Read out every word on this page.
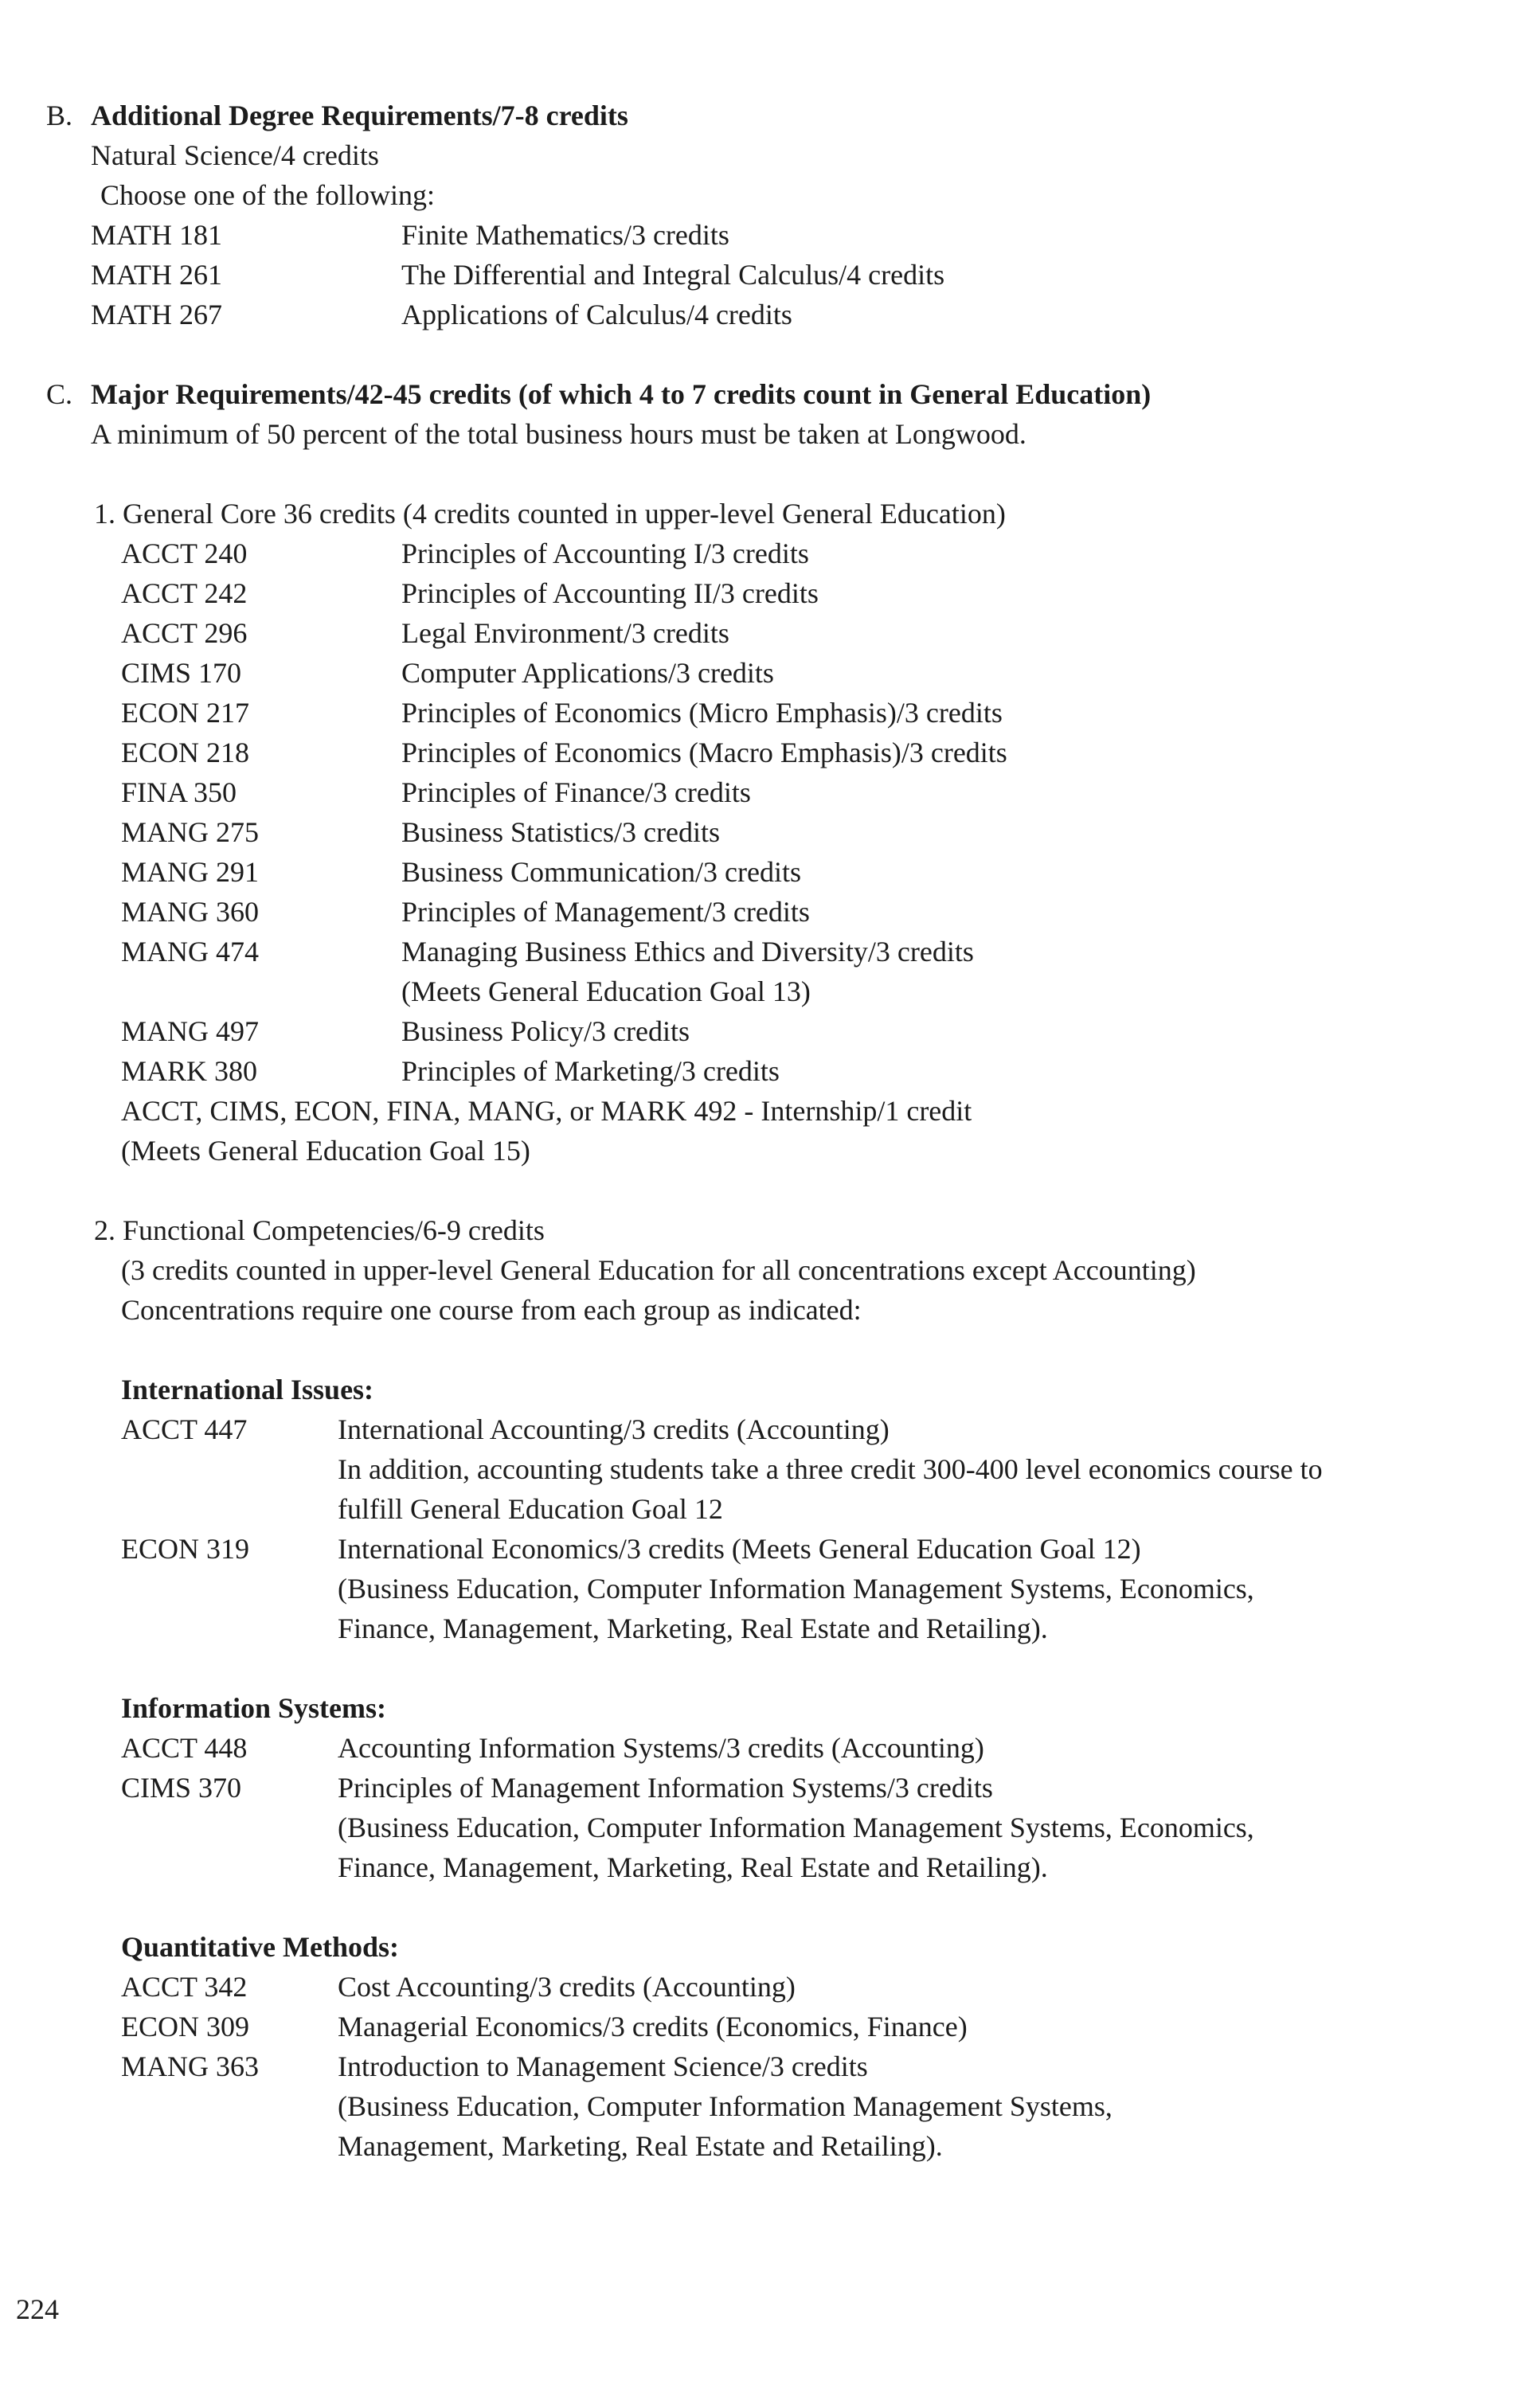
B. Additional Degree Requirements/7-8 credits
Natural Science/4 credits
Choose one of the following:
MATH 181	Finite Mathematics/3 credits
MATH 261	The Differential and Integral Calculus/4 credits
MATH 267	Applications of Calculus/4 credits
C. Major Requirements/42-45 credits (of which 4 to 7 credits count in General Education)
A minimum of 50 percent of the total business hours must be taken at Longwood.
1. General Core 36 credits (4 credits counted in upper-level General Education)
ACCT 240	Principles of Accounting I/3 credits
ACCT 242	Principles of Accounting II/3 credits
ACCT 296	Legal Environment/3 credits
CIMS 170	Computer Applications/3 credits
ECON 217	Principles of Economics (Micro Emphasis)/3 credits
ECON 218	Principles of Economics (Macro Emphasis)/3 credits
FINA 350	Principles of Finance/3 credits
MANG 275	Business Statistics/3 credits
MANG 291	Business Communication/3 credits
MANG 360	Principles of Management/3 credits
MANG 474	Managing Business Ethics and Diversity/3 credits
(Meets General Education Goal 13)
MANG 497	Business Policy/3 credits
MARK 380	Principles of Marketing/3 credits
ACCT, CIMS, ECON, FINA, MANG, or MARK 492 - Internship/1 credit
(Meets General Education Goal 15)
2. Functional Competencies/6-9 credits
(3 credits counted in upper-level General Education for all concentrations except Accounting)
Concentrations require one course from each group as indicated:
International Issues:
ACCT 447	International Accounting/3 credits (Accounting)
In addition, accounting students take a three credit 300-400 level economics course to
fulfill General Education Goal 12
ECON 319	International Economics/3 credits (Meets General Education Goal 12)
(Business Education, Computer Information Management Systems, Economics,
Finance, Management, Marketing, Real Estate and Retailing).
Information Systems:
ACCT 448	Accounting Information Systems/3 credits (Accounting)
CIMS 370	Principles of Management Information Systems/3 credits
(Business Education, Computer Information Management Systems, Economics,
Finance, Management, Marketing, Real Estate and Retailing).
Quantitative Methods:
ACCT 342	Cost Accounting/3 credits (Accounting)
ECON 309	Managerial Economics/3 credits (Economics, Finance)
MANG 363	Introduction to Management Science/3 credits
(Business Education, Computer Information Management Systems,
Management, Marketing, Real Estate and Retailing).
224
